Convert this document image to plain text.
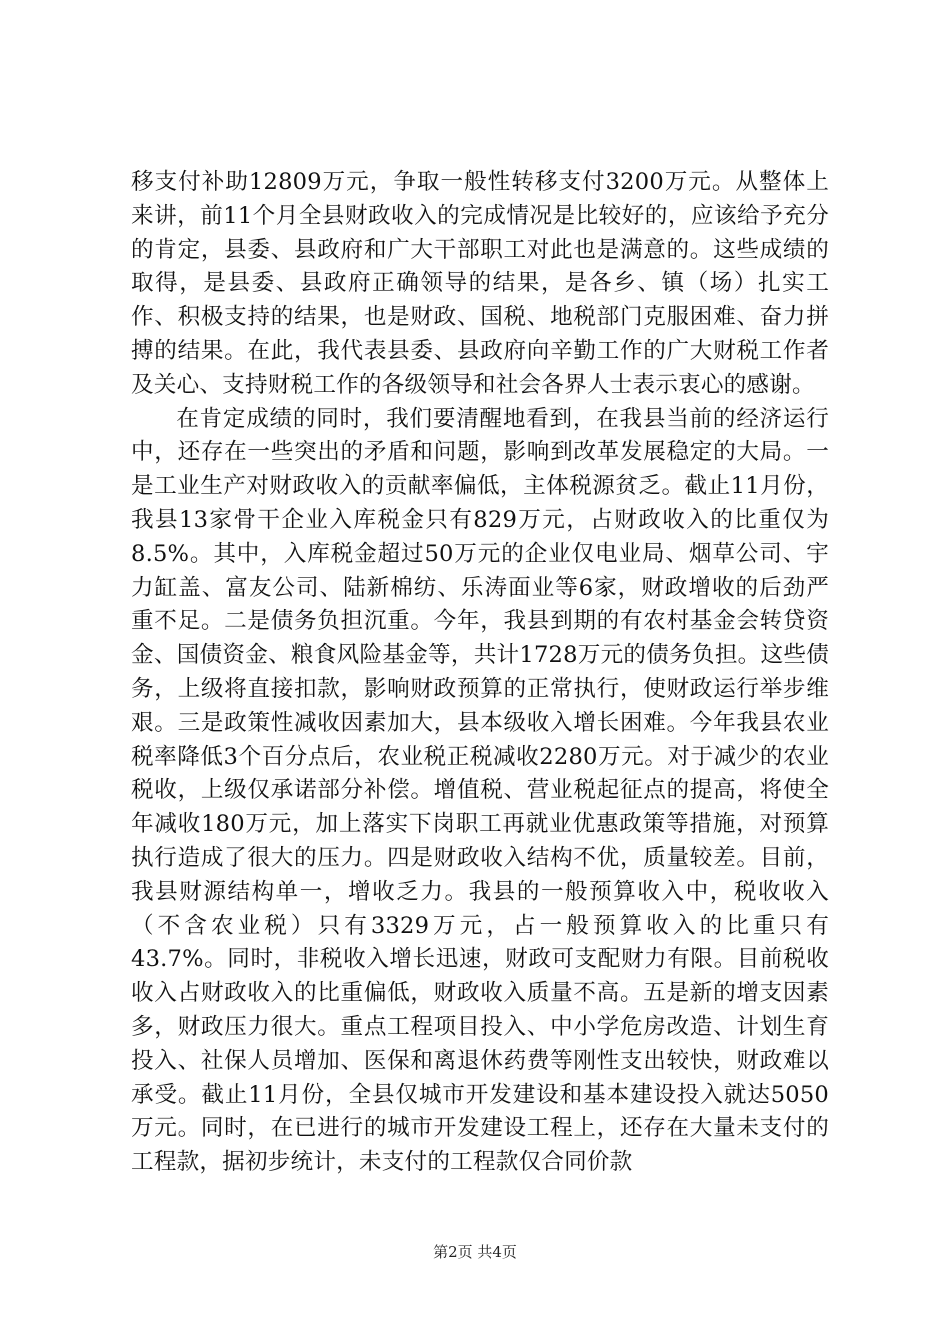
移支付补助12809万元，争取一般性转移支付3200万元。从整体上来讲，前11个月全县财政收入的完成情况是比较好的，应该给予充分的肯定，县委、县政府和广大干部职工对此也是满意的。这些成绩的取得，是县委、县政府正确领导的结果，是各乡、镇（场）扎实工作、积极支持的结果，也是财政、国税、地税部门克服困难、奋力拼搏的结果。在此，我代表县委、县政府向辛勤工作的广大财税工作者及关心、支持财税工作的各级领导和社会各界人士表示衷心的感谢。

在肯定成绩的同时，我们要清醒地看到，在我县当前的经济运行中，还存在一些突出的矛盾和问题，影响到改革发展稳定的大局。一是工业生产对财政收入的贡献率偏低，主体税源贫乏。截止11月份，我县13家骨干企业入库税金只有829万元，占财政收入的比重仅为8.5%。其中，入库税金超过50万元的企业仅电业局、烟草公司、宇力缸盖、富友公司、陆新棉纺、乐涛面业等6家，财政增收的后劲严重不足。二是债务负担沉重。今年，我县到期的有农村基金会转贷资金、国债资金、粮食风险基金等，共计1728万元的债务负担。这些债务，上级将直接扣款，影响财政预算的正常执行，使财政运行举步维艰。三是政策性减收因素加大，县本级收入增长困难。今年我县农业税率降低3个百分点后，农业税正税减收2280万元。对于减少的农业税收，上级仅承诺部分补偿。增值税、营业税起征点的提高，将使全年减收180万元，加上落实下岗职工再就业优惠政策等措施，对预算执行造成了很大的压力。四是财政收入结构不优，质量较差。目前，我县财源结构单一，增收乏力。我县的一般预算收入中，税收收入（不含农业税）只有3329万元，占一般预算收入的比重只有43.7%。同时，非税收入增长迅速，财政可支配财力有限。目前税收收入占财政收入的比重偏低，财政收入质量不高。五是新的增支因素多，财政压力很大。重点工程项目投入、中小学危房改造、计划生育投入、社保人员增加、医保和离退休药费等刚性支出较快，财政难以承受。截止11月份，全县仅城市开发建设和基本建设投入就达5050万元。同时，在已进行的城市开发建设工程上，还存在大量未支付的工程款，据初步统计，未支付的工程款仅合同价款

第2页 共4页
